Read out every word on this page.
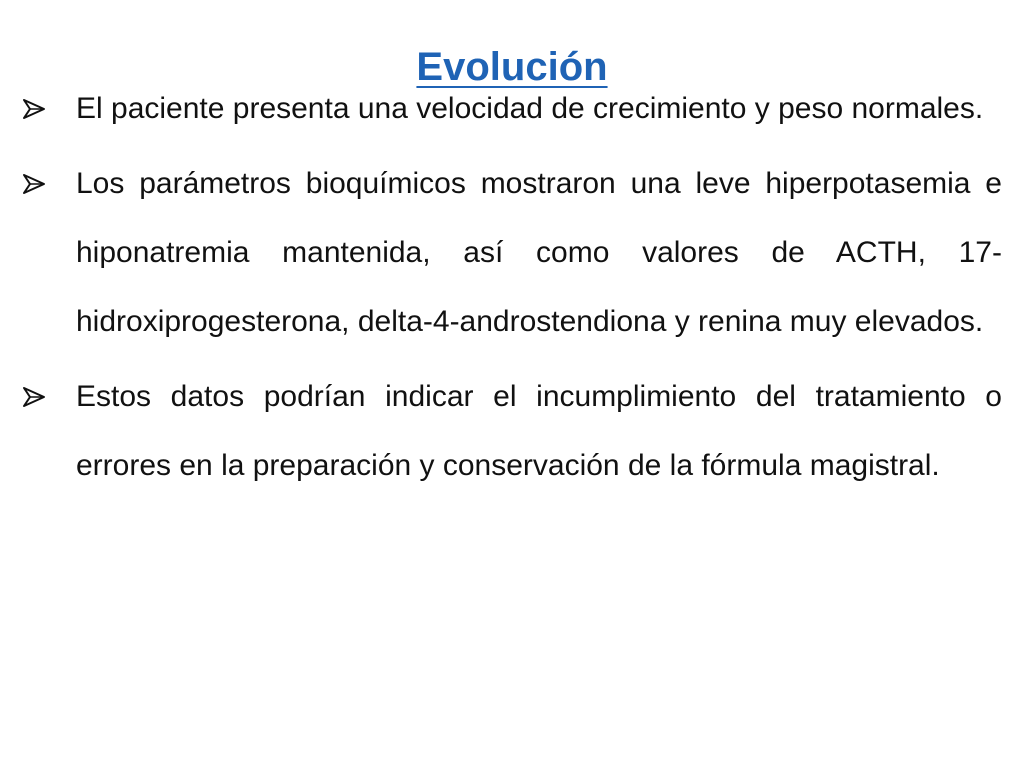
Evolución
El paciente presenta una velocidad de crecimiento y peso normales.
Los parámetros bioquímicos mostraron una leve hiperpotasemia e hiponatremia mantenida, así como valores de ACTH, 17-hidroxiprogesterona, delta-4-androstendiona y renina muy elevados.
Estos datos podrían indicar el incumplimiento del tratamiento o errores en la preparación y conservación de la fórmula magistral.
